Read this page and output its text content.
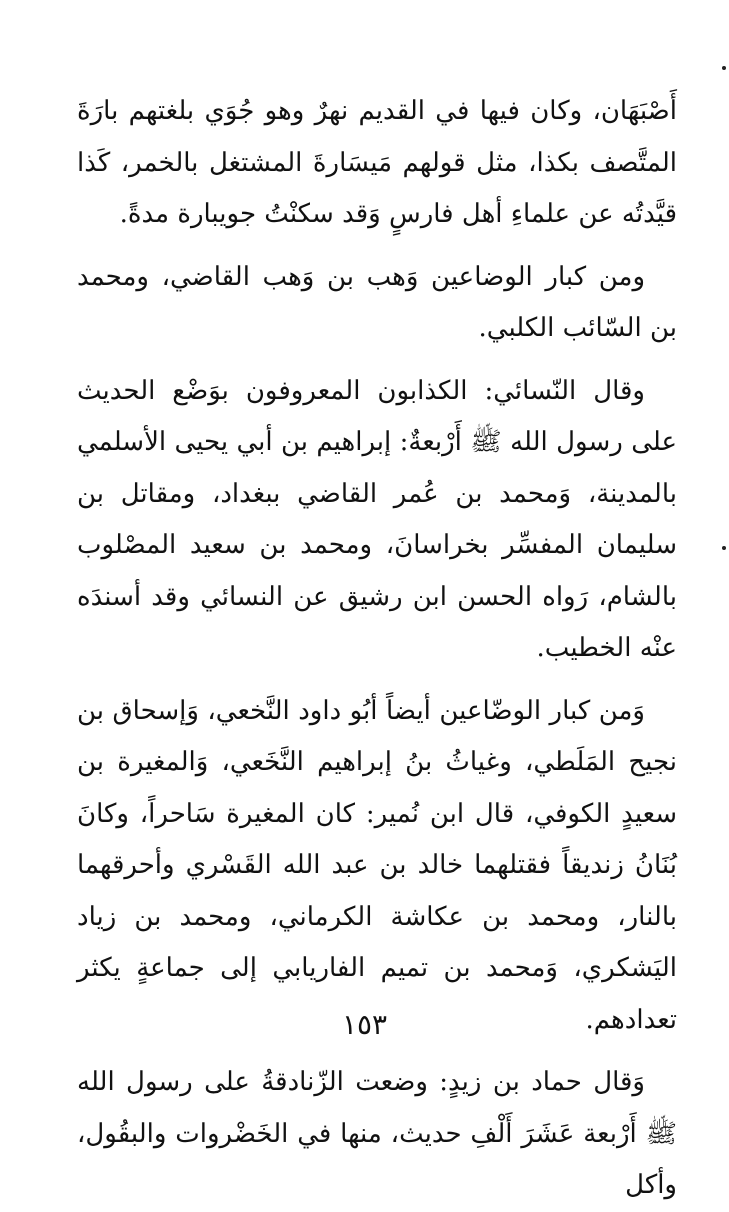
أَصْبَهَان، وكان فيها في القديم نهرٌ وهو جُوَي بلغتهم بارَةَ المتَّصف بكذا، مثل قولهم مَيسَارةَ المشتغل بالخمر، كَذا قيَّدتُه عن علماءِ أهل فارسٍ وَقد سكنْتُ جويبارة مدةً.

ومن كبار الوضاعين وَهب بن وَهب القاضي، ومحمد بن السّائب الكلبي.

وقال النّسائي: الكذابون المعروفون بوَضْع الحديث على رسول الله ﷺ أَرْبعةٌ: إبراهيم بن أبي يحيى الأسلمي بالمدينة، وَمحمد بن عُمر القاضي ببغداد، ومقاتل بن سليمان المفسِّر بخراسانَ، ومحمد بن سعيد المصْلوب بالشام، رَواه الحسن ابن رشيق عن النسائي وقد أسندَه عنْه الخطيب.

وَمن كبار الوضّاعين أيضاً أبُو داود النَّخعي، وَإسحاق بن نجيح المَلَطي، وغياثُ بنُ إبراهيم النَّخَعي، وَالمغيرة بن سعيدٍ الكوفي، قال ابن نُمير: كان المغيرة سَاحراً، وكانَ بُنَانُ زنديقاً فقتلهما خالد بن عبد الله القَسْري وأحرقهما بالنار، ومحمد بن عكاشة الكرماني، ومحمد بن زياد اليَشكري، وَمحمد بن تميم الفاريابي إلى جماعةٍ يكثر تعدادهم.

وَقال حماد بن زيدٍ: وضعت الزّنادقةُ على رسول الله ﷺ أَرْبعة عَشَرَ أَلْفِ حديث، منها في الخَضْروات والبقُول، وأكل

١٥٣
